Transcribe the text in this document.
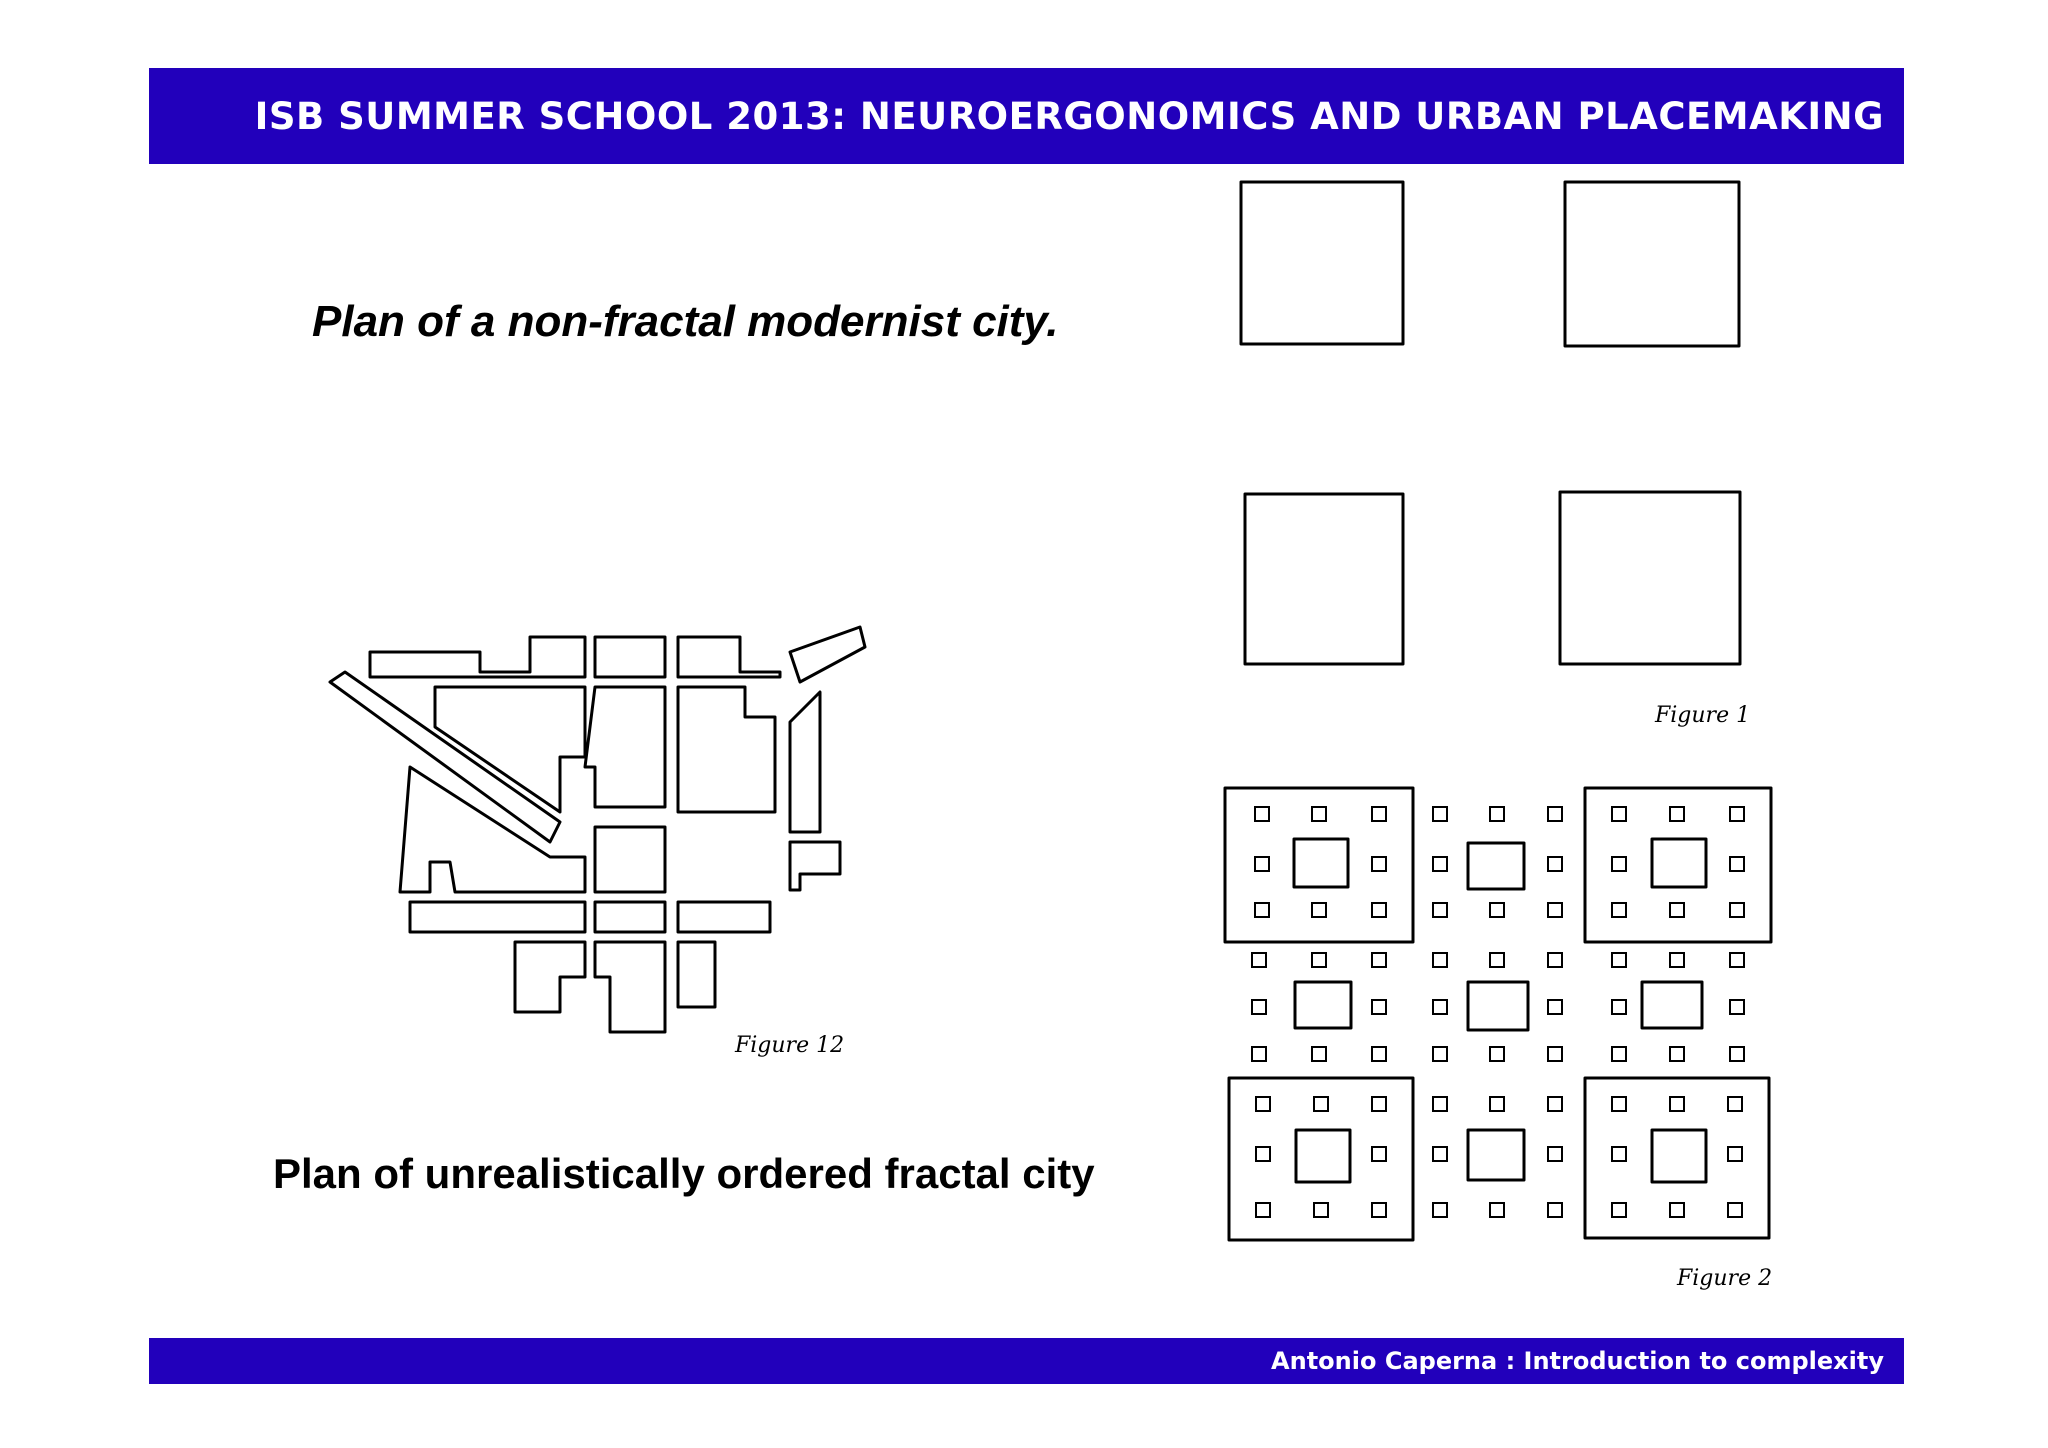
ISB SUMMER SCHOOL 2013: NEUROERGONOMICS AND URBAN PLACEMAKING
Plan of a non-fractal modernist city.
Plan of unrealistically ordered fractal city
Figure 1
Figure 2
Figure 12
Antonio Caperna : Introduction to complexity
